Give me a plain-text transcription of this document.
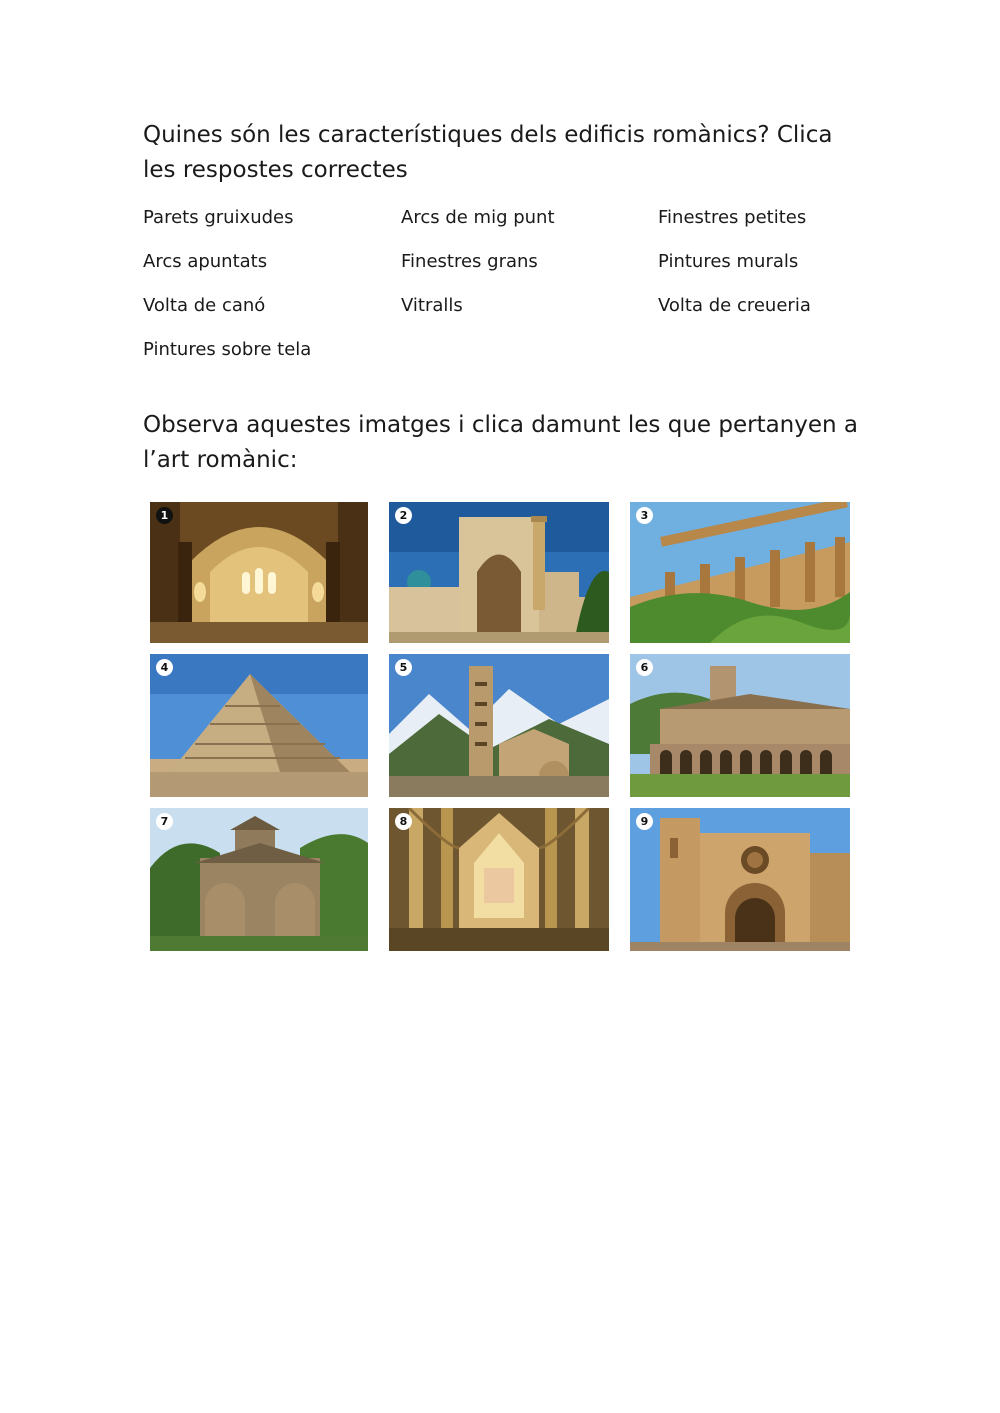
Quines són les característiques dels edificis romànics? Clica les respostes correctes
Parets gruixudes	Arcs de mig punt	Finestres petites
Arcs apuntats	Finestres grans	Pintures murals
Volta de canó	Vitralls	Volta de creueria
Pintures sobre tela
Observa aquestes imatges i clica damunt les que pertanyen a l’art romànic:
1	2	3
4	5	6
7	8	9
